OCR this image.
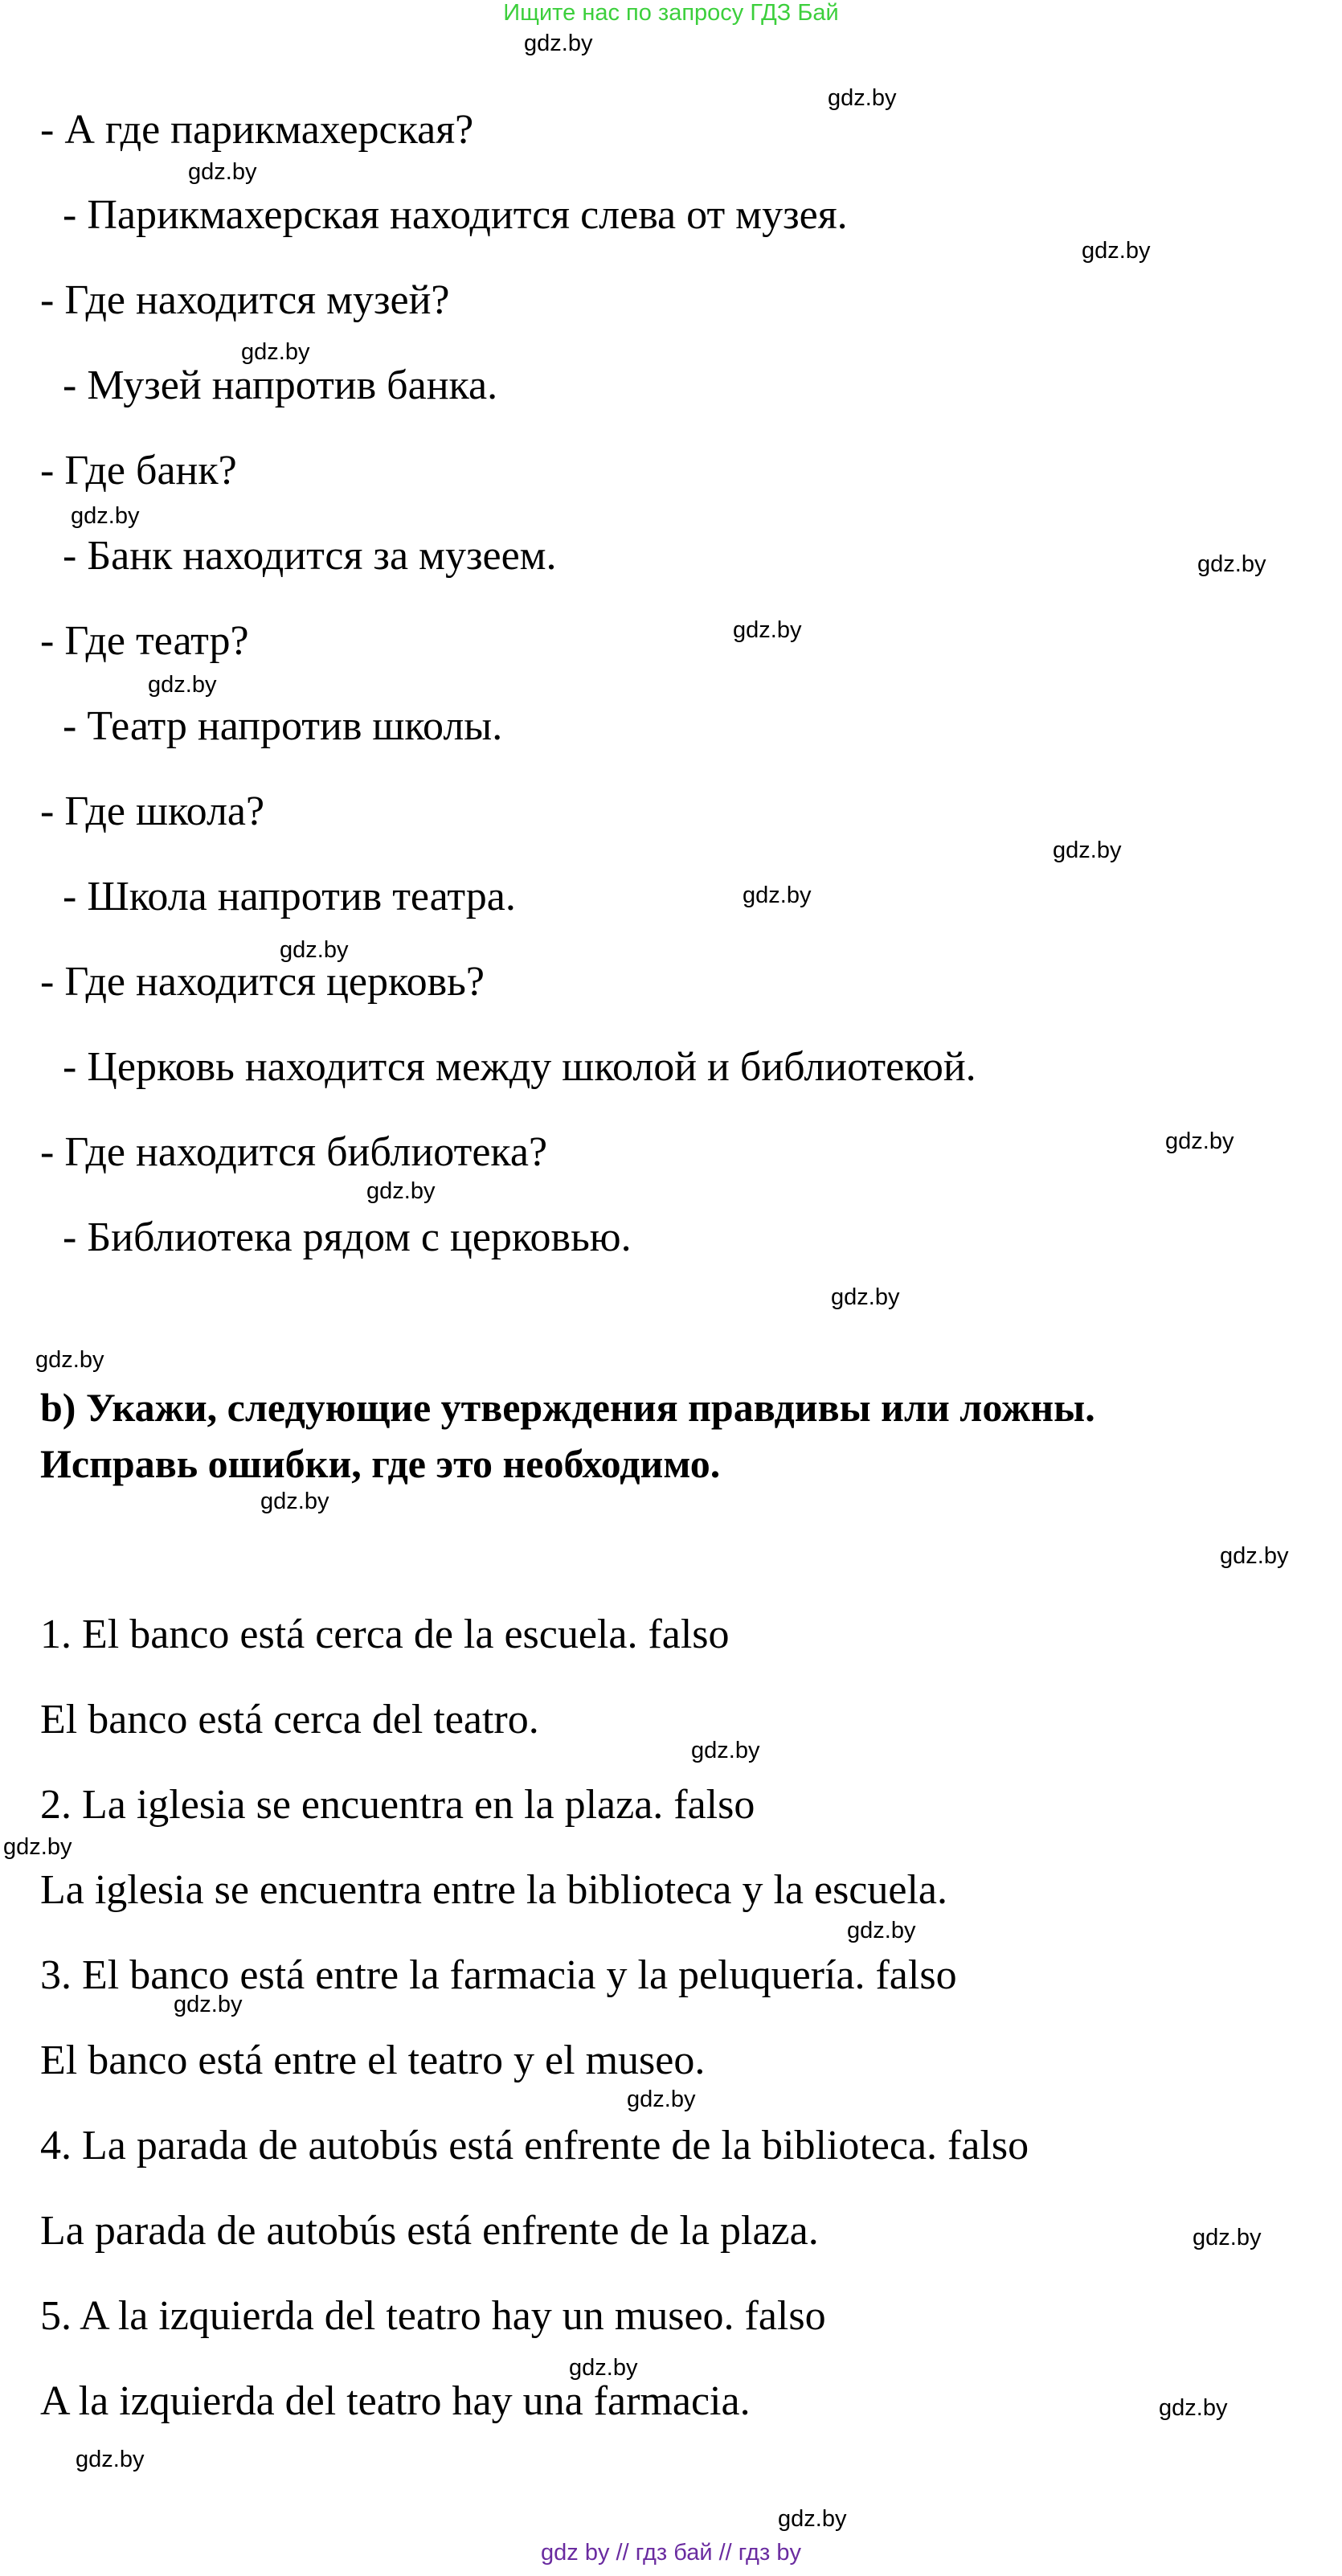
Ищите нас по запросу ГДЗ Бай
- А где парикмахерская?
- Парикмахерская находится слева от музея.
- Где находится музей?
- Музей напротив банка.
- Где банк?
- Банк находится за музеем.
- Где театр?
- Театр напротив школы.
- Где школа?
- Школа напротив театра.
- Где находится церковь?
- Церковь находится между школой и библиотекой.
- Где находится библиотека?
- Библиотека рядом с церковью.
b) Укажи, следующие утверждения правдивы или ложны.
Исправь ошибки, где это необходимо.
1. El banco está cerca de la escuela. falso
El banco está cerca del teatro.
2. La iglesia se encuentra en la plaza. falso
La iglesia se encuentra entre la biblioteca y la escuela.
3. El banco está entre la farmacia y la peluquería. falso
El banco está entre el teatro y el museo.
4. La parada de autobús está enfrente de la biblioteca. falso
La parada de autobús está enfrente de la plaza.
5. A la izquierda del teatro hay un museo. falso
A la izquierda del teatro hay una farmacia.
gdz.by
gdz.by
gdz.by
gdz.by
gdz.by
gdz.by
gdz.by
gdz.by
gdz.by
gdz.by
gdz.by
gdz.by
gdz.by
gdz.by
gdz.by
gdz.by
gdz.by
gdz.by
gdz.by
gdz.by
gdz.by
gdz.by
gdz.by
gdz.by
gdz.by
gdz.by
gdz.by
gdz.by
gdz by // гдз бай // гдз by
